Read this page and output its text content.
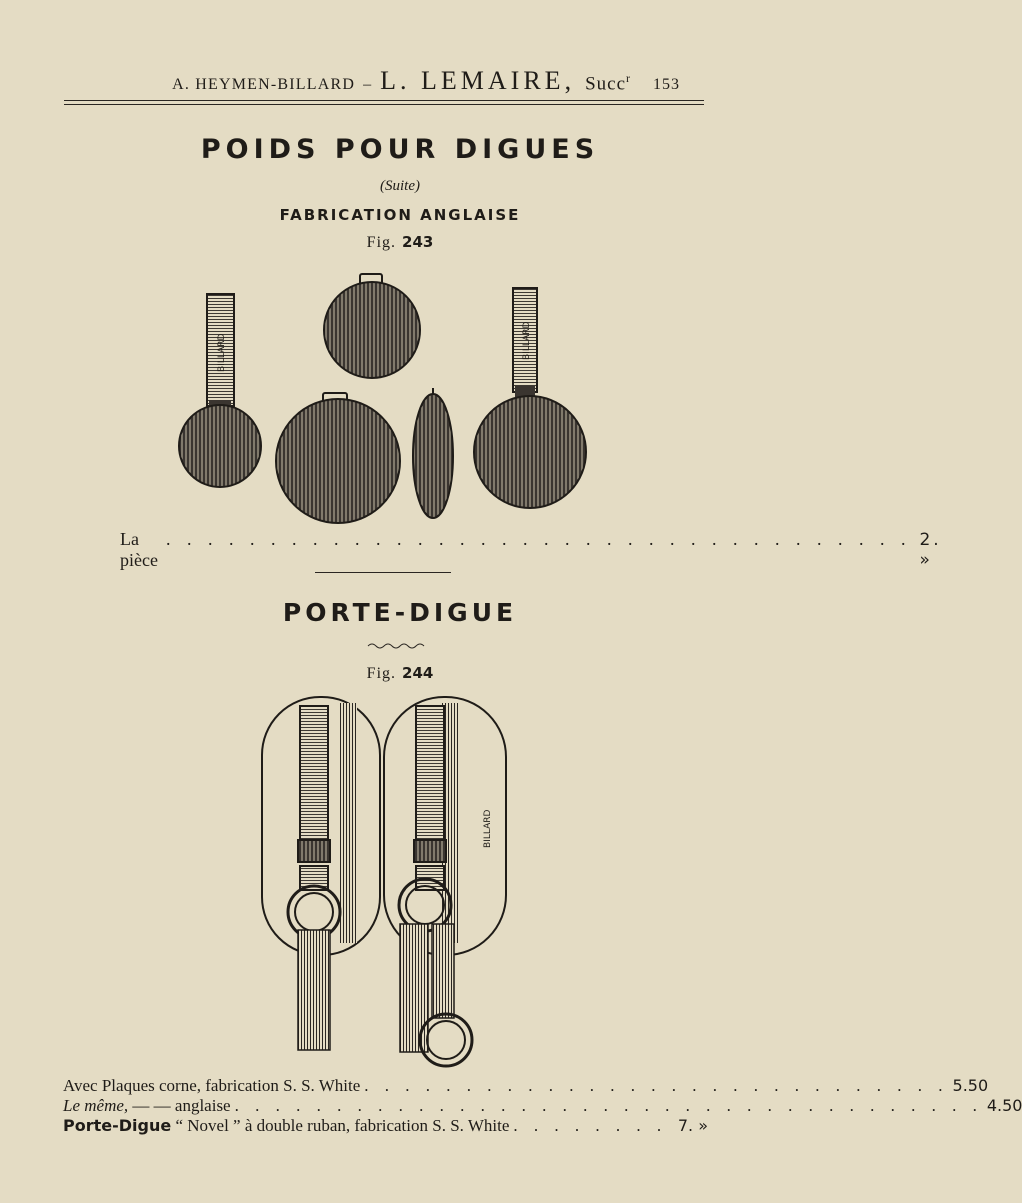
A. HEYMEN-BILLARD – L. LEMAIRE, Succ$^r$ 153
POIDS POUR DIGUES
(Suite)
FABRICATION ANGLAISE
Fig. 243
BILLARD	BILLARD
BILLARD
La pièce
. . . . . . . . . . . . . . . . . . . . . . . . . . . . . . . . . . . . 2. »
PORTE-DIGUE
Fig. 244
Avec Plaques corne, fabrication S. S. White . . . . . . . . . . . . . . . . . . . . . . . . . . . . . 5.50
Le même, — — anglaise . . . . . . . . . . . . . . . . . . . . . . . . . . . . . . . . . . . . . 4.50
Porte-Digue “ Novel ” à double ruban, fabrication S. S. White . . . . . . . . 7. »
